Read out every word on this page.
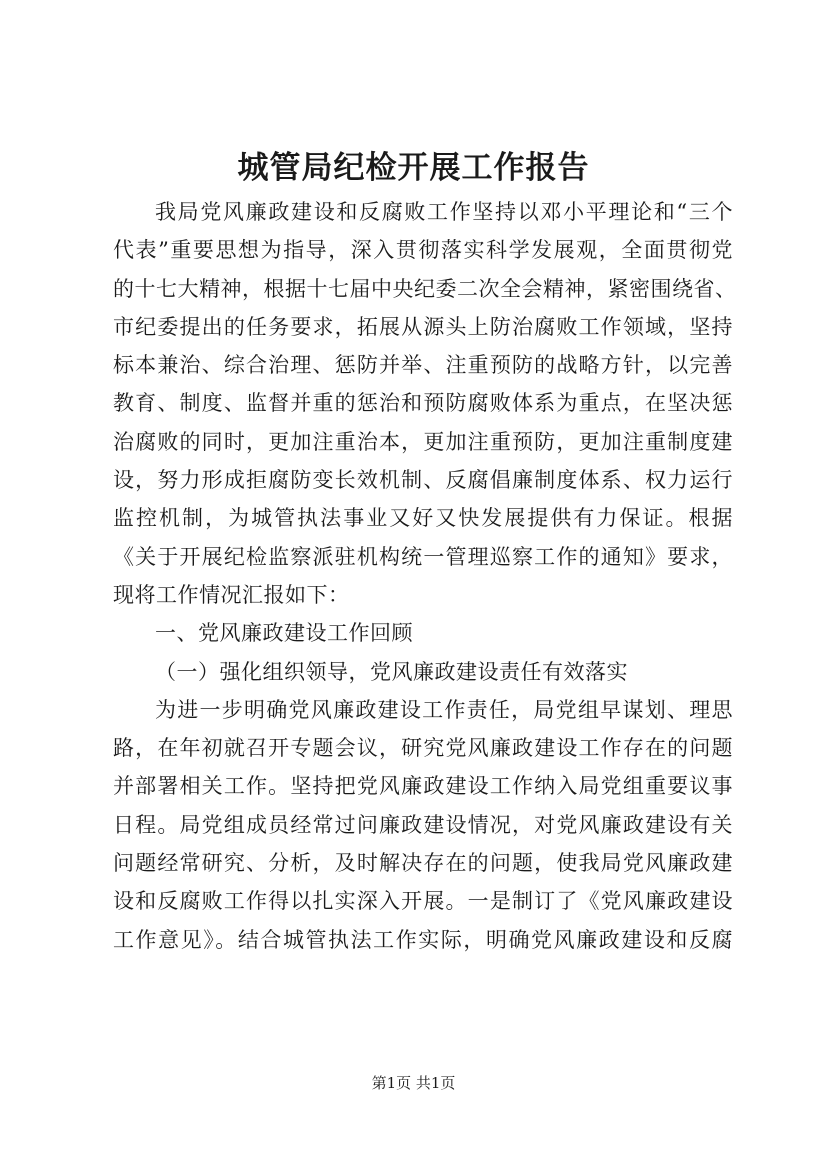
城管局纪检开展工作报告
我局党风廉政建设和反腐败工作坚持以邓小平理论和“三个
代表”重要思想为指导，深入贯彻落实科学发展观，全面贯彻党
的十七大精神，根据十七届中央纪委二次全会精神，紧密围绕省、
市纪委提出的任务要求，拓展从源头上防治腐败工作领域，坚持
标本兼治、综合治理、惩防并举、注重预防的战略方针，以完善
教育、制度、监督并重的惩治和预防腐败体系为重点，在坚决惩
治腐败的同时，更加注重治本，更加注重预防，更加注重制度建
设，努力形成拒腐防变长效机制、反腐倡廉制度体系、权力运行
监控机制，为城管执法事业又好又快发展提供有力保证。根据
《关于开展纪检监察派驻机构统一管理巡察工作的通知》要求，
现将工作情况汇报如下：
一、党风廉政建设工作回顾
（一）强化组织领导，党风廉政建设责任有效落实
为进一步明确党风廉政建设工作责任，局党组早谋划、理思
路，在年初就召开专题会议，研究党风廉政建设工作存在的问题
并部署相关工作。坚持把党风廉政建设工作纳入局党组重要议事
日程。局党组成员经常过问廉政建设情况，对党风廉政建设有关
问题经常研究、分析，及时解决存在的问题，使我局党风廉政建
设和反腐败工作得以扎实深入开展。一是制订了《党风廉政建设
工作意见》。结合城管执法工作实际，明确党风廉政建设和反腐
第1页 共1页
